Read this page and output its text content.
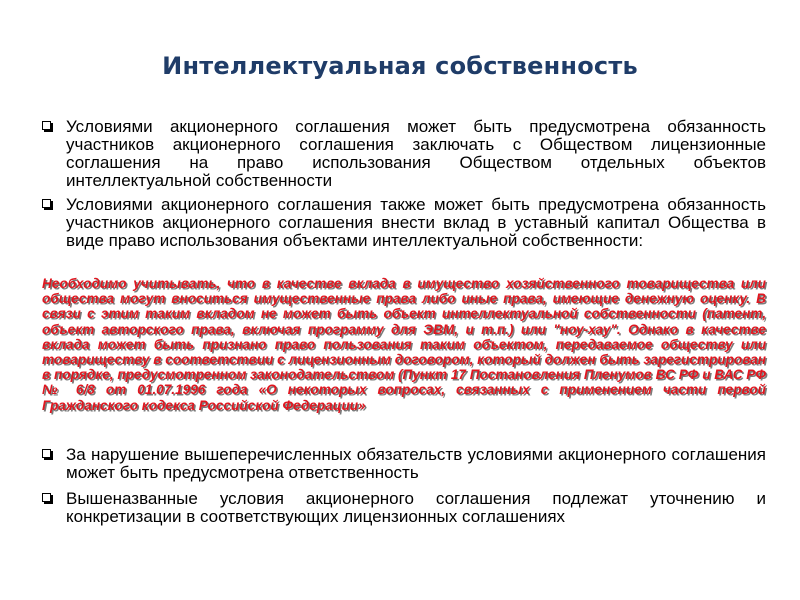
Интеллектуальная собственность
Условиями акционерного соглашения может быть предусмотрена обязанность участников акционерного соглашения заключать с Обществом лицензионные соглашения на право использования Обществом отдельных объектов интеллектуальной собственности
Условиями акционерного соглашения также может быть предусмотрена обязанность участников акционерного соглашения внести вклад в уставный капитал Общества в виде право использования объектами интеллектуальной собственности:
Необходимо учитывать, что в качестве вклада в имущество хозяйственного товарищества или общества могут вноситься имущественные права либо иные права, имеющие денежную оценку. В связи с этим таким вкладом не может быть объект интеллектуальной собственности (патент, объект авторского права, включая программу для ЭВМ, и т.п.) или "ноу-хау". Однако в качестве вклада может быть признано право пользования таким объектом, передаваемое обществу или товариществу в соответствии с лицензионным договором, который должен быть зарегистрирован в порядке, предусмотренном законодательством (Пункт 17 Постановления Пленумов ВС РФ и ВАС РФ № 6/8 от 01.07.1996 года «О некоторых вопросах, связанных с применением части первой Гражданского кодекса Российской Федерации»
За нарушение вышеперечисленных обязательств условиями акционерного соглашения может быть предусмотрена ответственность
Вышеназванные условия акционерного соглашения подлежат уточнению и конкретизации в соответствующих лицензионных соглашениях
